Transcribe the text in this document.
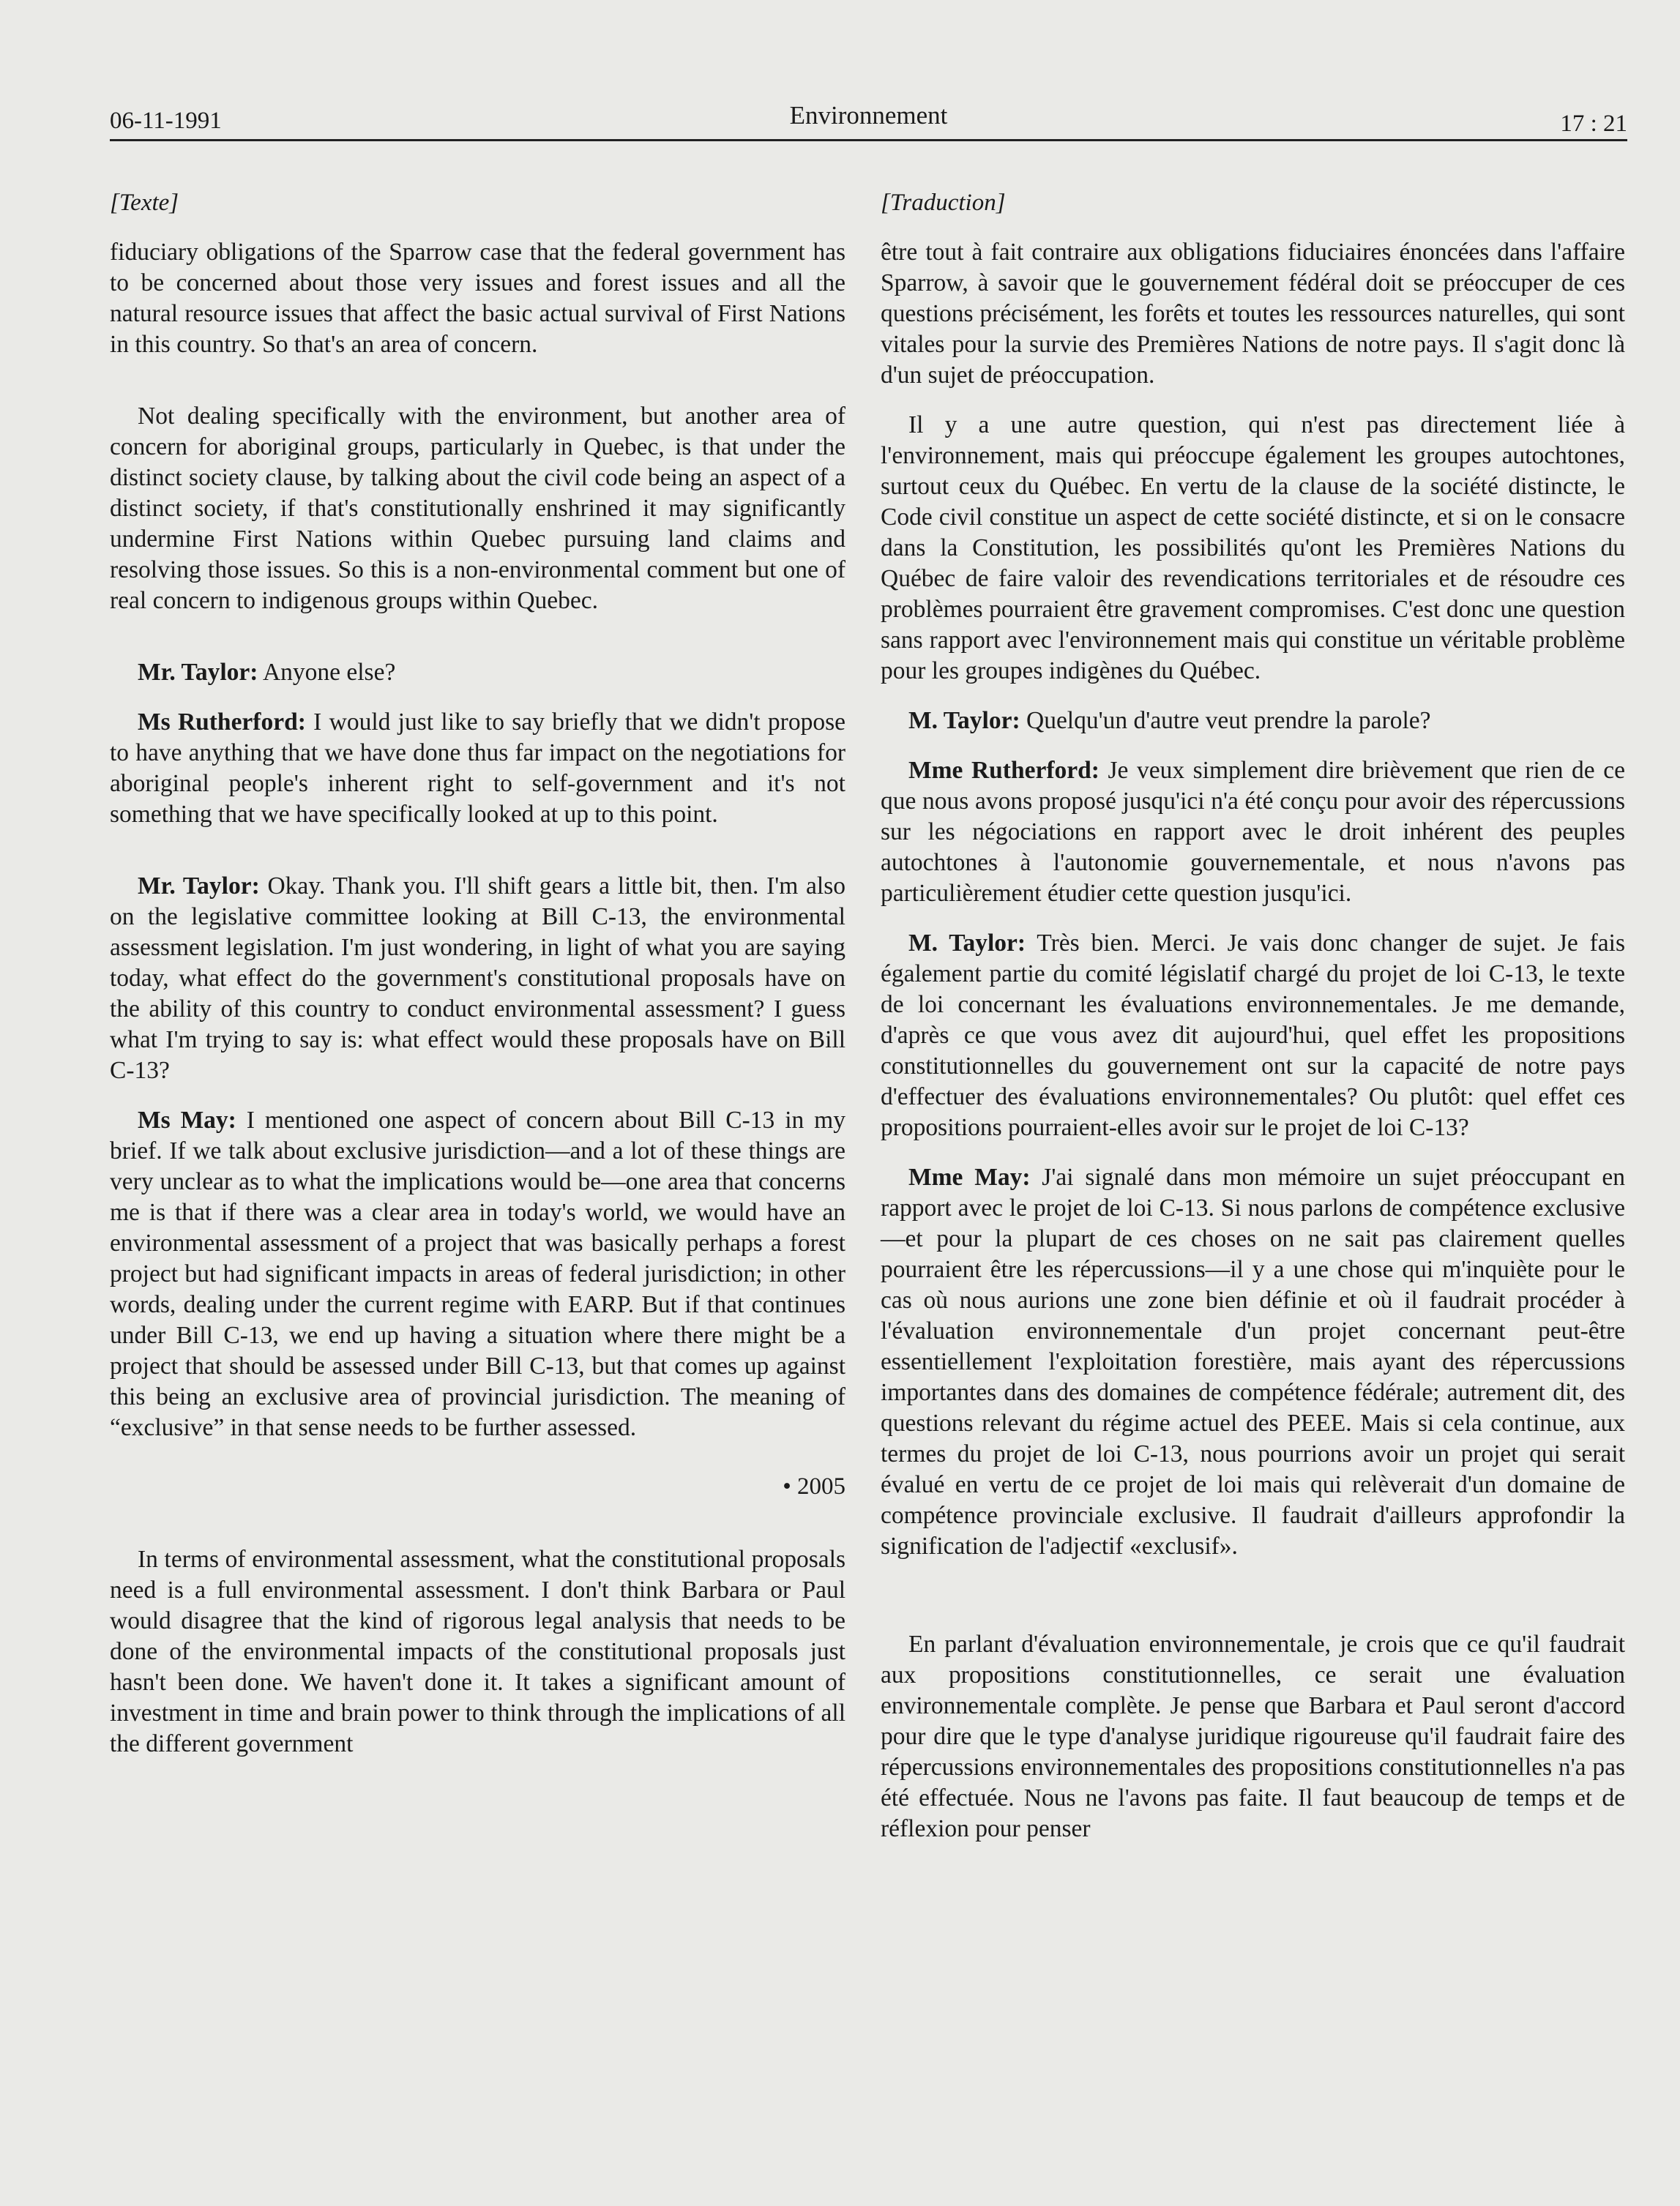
06-11-1991	Environnement	17 : 21
[Texte]

fiduciary obligations of the Sparrow case that the federal government has to be concerned about those very issues and forest issues and all the natural resource issues that affect the basic actual survival of First Nations in this country. So that's an area of concern.

Not dealing specifically with the environment, but another area of concern for aboriginal groups, particularly in Quebec, is that under the distinct society clause, by talking about the civil code being an aspect of a distinct society, if that's constitutionally enshrined it may significantly undermine First Nations within Quebec pursuing land claims and resolving those issues. So this is a non-environmental comment but one of real concern to indigenous groups within Quebec.

Mr. Taylor: Anyone else?

Ms Rutherford: I would just like to say briefly that we didn't propose to have anything that we have done thus far impact on the negotiations for aboriginal people's inherent right to self-government and it's not something that we have specifically looked at up to this point.

Mr. Taylor: Okay. Thank you. I'll shift gears a little bit, then. I'm also on the legislative committee looking at Bill C-13, the environmental assessment legislation. I'm just wondering, in light of what you are saying today, what effect do the government's constitutional proposals have on the ability of this country to conduct environmental assessment? I guess what I'm trying to say is: what effect would these proposals have on Bill C-13?

Ms May: I mentioned one aspect of concern about Bill C-13 in my brief. If we talk about exclusive jurisdiction—and a lot of these things are very unclear as to what the implications would be—one area that concerns me is that if there was a clear area in today's world, we would have an environmental assessment of a project that was basically perhaps a forest project but had significant impacts in areas of federal jurisdiction; in other words, dealing under the current regime with EARP. But if that continues under Bill C-13, we end up having a situation where there might be a project that should be assessed under Bill C-13, but that comes up against this being an exclusive area of provincial jurisdiction. The meaning of “exclusive” in that sense needs to be further assessed.

• 2005

In terms of environmental assessment, what the constitutional proposals need is a full environmental assessment. I don't think Barbara or Paul would disagree that the kind of rigorous legal analysis that needs to be done of the environmental impacts of the constitutional proposals just hasn't been done. We haven't done it. It takes a significant amount of investment in time and brain power to think through the implications of all the different government

[Traduction]

être tout à fait contraire aux obligations fiduciaires énoncées dans l'affaire Sparrow, à savoir que le gouvernement fédéral doit se préoccuper de ces questions précisément, les forêts et toutes les ressources naturelles, qui sont vitales pour la survie des Premières Nations de notre pays. Il s'agit donc là d'un sujet de préoccupation.

Il y a une autre question, qui n'est pas directement liée à l'environnement, mais qui préoccupe également les groupes autochtones, surtout ceux du Québec. En vertu de la clause de la société distincte, le Code civil constitue un aspect de cette société distincte, et si on le consacre dans la Constitution, les possibilités qu'ont les Premières Nations du Québec de faire valoir des revendications territoriales et de résoudre ces problèmes pourraient être gravement compromises. C'est donc une question sans rapport avec l'environnement mais qui constitue un véritable problème pour les groupes indigènes du Québec.

M. Taylor: Quelqu'un d'autre veut prendre la parole?

Mme Rutherford: Je veux simplement dire brièvement que rien de ce que nous avons proposé jusqu'ici n'a été conçu pour avoir des répercussions sur les négociations en rapport avec le droit inhérent des peuples autochtones à l'autonomie gouvernementale, et nous n'avons pas particulièrement étudier cette question jusqu'ici.

M. Taylor: Très bien. Merci. Je vais donc changer de sujet. Je fais également partie du comité législatif chargé du projet de loi C-13, le texte de loi concernant les évaluations environnementales. Je me demande, d'après ce que vous avez dit aujourd'hui, quel effet les propositions constitutionnelles du gouvernement ont sur la capacité de notre pays d'effectuer des évaluations environnementales? Ou plutôt: quel effet ces propositions pourraient-elles avoir sur le projet de loi C-13?

Mme May: J'ai signalé dans mon mémoire un sujet préoccupant en rapport avec le projet de loi C-13. Si nous parlons de compétence exclusive—et pour la plupart de ces choses on ne sait pas clairement quelles pourraient être les répercussions—il y a une chose qui m'inquiète pour le cas où nous aurions une zone bien définie et où il faudrait procéder à l'évaluation environnementale d'un projet concernant peut-être essentiellement l'exploitation forestière, mais ayant des répercussions importantes dans des domaines de compétence fédérale; autrement dit, des questions relevant du régime actuel des PEEE. Mais si cela continue, aux termes du projet de loi C-13, nous pourrions avoir un projet qui serait évalué en vertu de ce projet de loi mais qui relèverait d'un domaine de compétence provinciale exclusive. Il faudrait d'ailleurs approfondir la signification de l'adjectif «exclusif».

En parlant d'évaluation environnementale, je crois que ce qu'il faudrait aux propositions constitutionnelles, ce serait une évaluation environnementale complète. Je pense que Barbara et Paul seront d'accord pour dire que le type d'analyse juridique rigoureuse qu'il faudrait faire des répercussions environnementales des propositions constitutionnelles n'a pas été effectuée. Nous ne l'avons pas faite. Il faut beaucoup de temps et de réflexion pour penser
